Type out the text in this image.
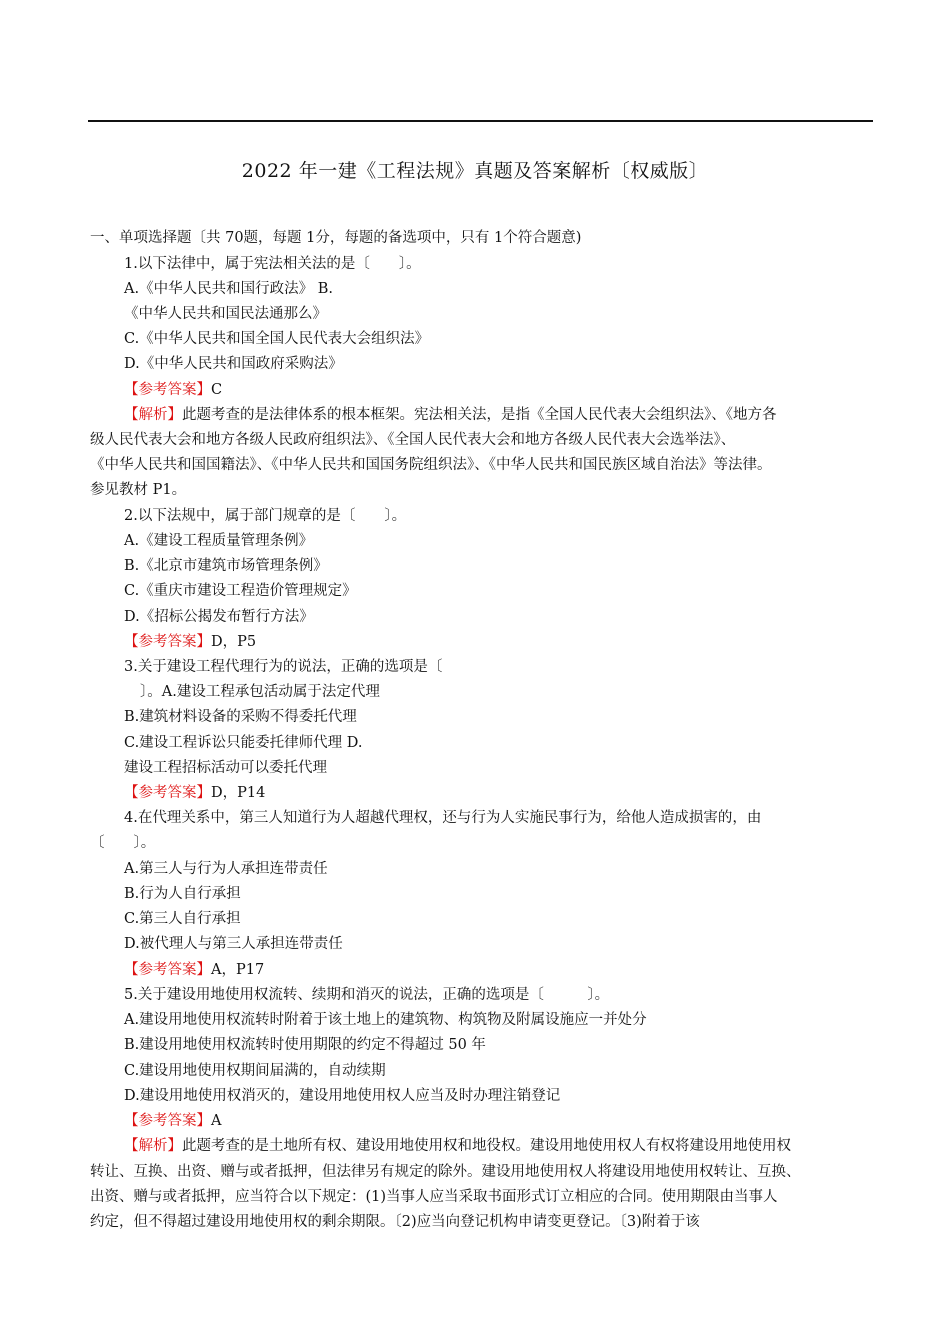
2022 年一建《工程法规》真题及答案解析〔权威版〕
一、单项选择题〔共 70题，每题 1分，每题的备选项中，只有 1个符合题意)
1.以下法律中，属于宪法相关法的是〔　　〕。
A.《中华人民共和国行政法》 B.
《中华人民共和国民法通那么》
C.《中华人民共和国全国人民代表大会组织法》
D.《中华人民共和国政府采购法》
【参考答案】C
【解析】此题考查的是法律体系的根本框架。宪法相关法，是指《全国人民代表大会组织法》、《地方各
级人民代表大会和地方各级人民政府组织法》、《全国人民代表大会和地方各级人民代表大会选举法》、
《中华人民共和国国籍法》、《中华人民共和国国务院组织法》、《中华人民共和国民族区域自治法》等法律。
参见教材 P1。
2.以下法规中，属于部门规章的是〔　　〕。
A.《建设工程质量管理条例》
B.《北京市建筑市场管理条例》
C.《重庆市建设工程造价管理规定》
D.《招标公揭发布暂行方法》
【参考答案】D，P5
3.关于建设工程代理行为的说法，正确的选项是〔
〕。A.建设工程承包活动属于法定代理
B.建筑材料设备的采购不得委托代理
C.建设工程诉讼只能委托律师代理 D.
建设工程招标活动可以委托代理
【参考答案】D，P14
4.在代理关系中，第三人知道行为人超越代理权，还与行为人实施民事行为，给他人造成损害的，由
〔　　〕。
A.第三人与行为人承担连带责任
B.行为人自行承担
C.第三人自行承担
D.被代理人与第三人承担连带责任
【参考答案】A，P17
5.关于建设用地使用权流转、续期和消灭的说法，正确的选项是〔　　　〕。
A.建设用地使用权流转时附着于该土地上的建筑物、构筑物及附属设施应一并处分
B.建设用地使用权流转时使用期限的约定不得超过 50 年
C.建设用地使用权期间届满的，自动续期
D.建设用地使用权消灭的，建设用地使用权人应当及时办理注销登记
【参考答案】A
【解析】此题考查的是土地所有权、建设用地使用权和地役权。建设用地使用权人有权将建设用地使用权
转让、互换、出资、赠与或者抵押，但法律另有规定的除外。建设用地使用权人将建设用地使用权转让、互换、
出资、赠与或者抵押，应当符合以下规定：(1)当事人应当采取书面形式订立相应的合同。使用期限由当事人
约定，但不得超过建设用地使用权的剩余期限。〔2)应当向登记机构申请变更登记。〔3)附着于该
